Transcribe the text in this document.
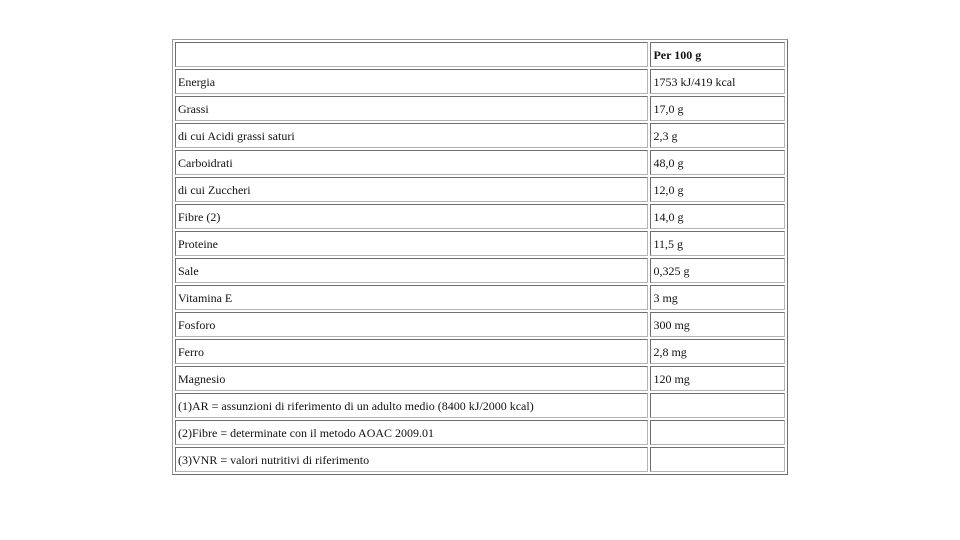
	Per 100 g
Energia	1753 kJ/419 kcal
Grassi	17,0 g
di cui Acidi grassi saturi	2,3 g
Carboidrati	48,0 g
di cui Zuccheri	12,0 g
Fibre (2)	14,0 g
Proteine	11,5 g
Sale	0,325 g
Vitamina E	3 mg
Fosforo	300 mg
Ferro	2,8 mg
Magnesio	120 mg
(1)AR = assunzioni di riferimento di un adulto medio (8400 kJ/2000 kcal)	
(2)Fibre = determinate con il metodo AOAC 2009.01	
(3)VNR = valori nutritivi di riferimento	
